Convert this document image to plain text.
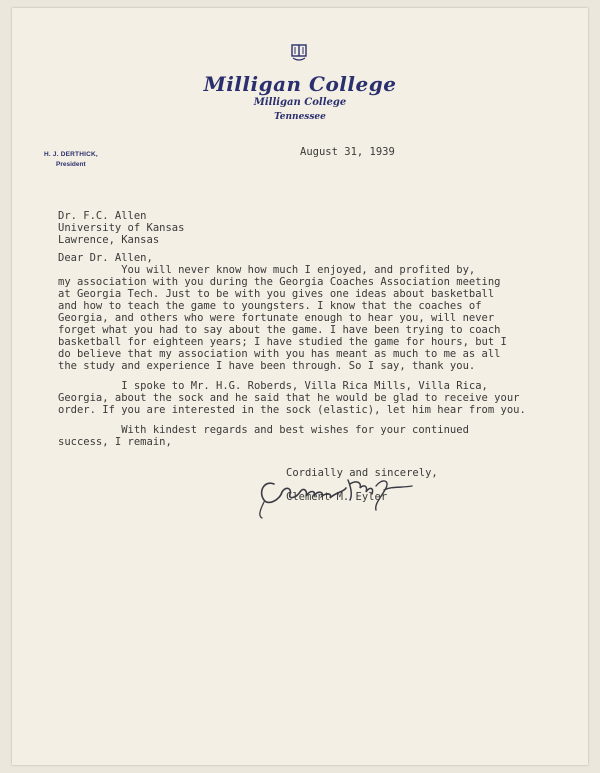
Milligan College
Milligan College
Tennessee
H. J. DERTHICK,
President
August 31, 1939
Dr. F.C. Allen
University of Kansas
Lawrence, Kansas
Dear Dr. Allen,
You will never know how much I enjoyed, and profited by,
my association with you during the Georgia Coaches Association meeting
at Georgia Tech. Just to be with you gives one ideas about basketball
and how to teach the game to youngsters. I know that the coaches of
Georgia, and others who were fortunate enough to hear you, will never
forget what you had to say about the game. I have been trying to coach
basketball for eighteen years; I have studied the game for hours, but I
do believe that my association with you has meant as much to me as all
the study and experience I have been through. So I say, thank you.
I spoke to Mr. H.G. Roberds, Villa Rica Mills, Villa Rica,
Georgia, about the sock and he said that he would be glad to receive your
order. If you are interested in the sock (elastic), let him hear from you.
With kindest regards and best wishes for your continued
success, I remain,
Cordially and sincerely,
Clement M. Eyler
